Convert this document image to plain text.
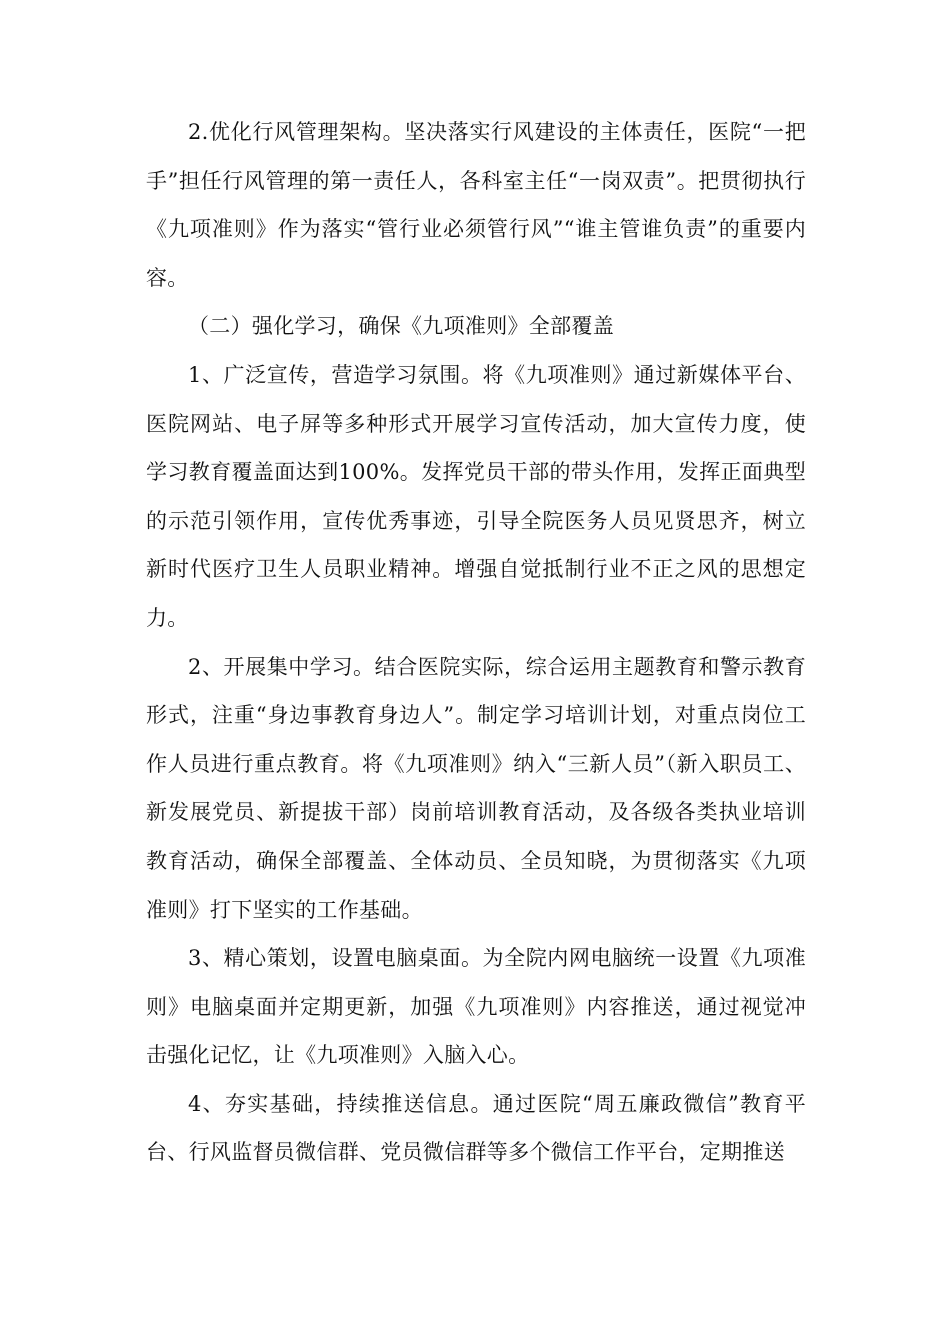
2.优化行风管理架构。坚决落实行风建设的主体责任，医院“一把手”担任行风管理的第一责任人，各科室主任“一岗双责”。把贯彻执行《九项准则》作为落实“管行业必须管行风”“谁主管谁负责”的重要内容。

（二）强化学习，确保《九项准则》全部覆盖

1、广泛宣传，营造学习氛围。将《九项准则》通过新媒体平台、医院网站、电子屏等多种形式开展学习宣传活动，加大宣传力度，使学习教育覆盖面达到100%。发挥党员干部的带头作用，发挥正面典型的示范引领作用，宣传优秀事迹，引导全院医务人员见贤思齐，树立新时代医疗卫生人员职业精神。增强自觉抵制行业不正之风的思想定力。

2、开展集中学习。结合医院实际，综合运用主题教育和警示教育形式，注重“身边事教育身边人”。制定学习培训计划，对重点岗位工作人员进行重点教育。将《九项准则》纳入“三新人员”（新入职员工、新发展党员、新提拔干部）岗前培训教育活动，及各级各类执业培训教育活动，确保全部覆盖、全体动员、全员知晓，为贯彻落实《九项准则》打下坚实的工作基础。

3、精心策划，设置电脑桌面。为全院内网电脑统一设置《九项准则》电脑桌面并定期更新，加强《九项准则》内容推送，通过视觉冲击强化记忆，让《九项准则》入脑入心。

4、夯实基础，持续推送信息。通过医院“周五廉政微信”教育平台、行风监督员微信群、党员微信群等多个微信工作平台，定期推送
